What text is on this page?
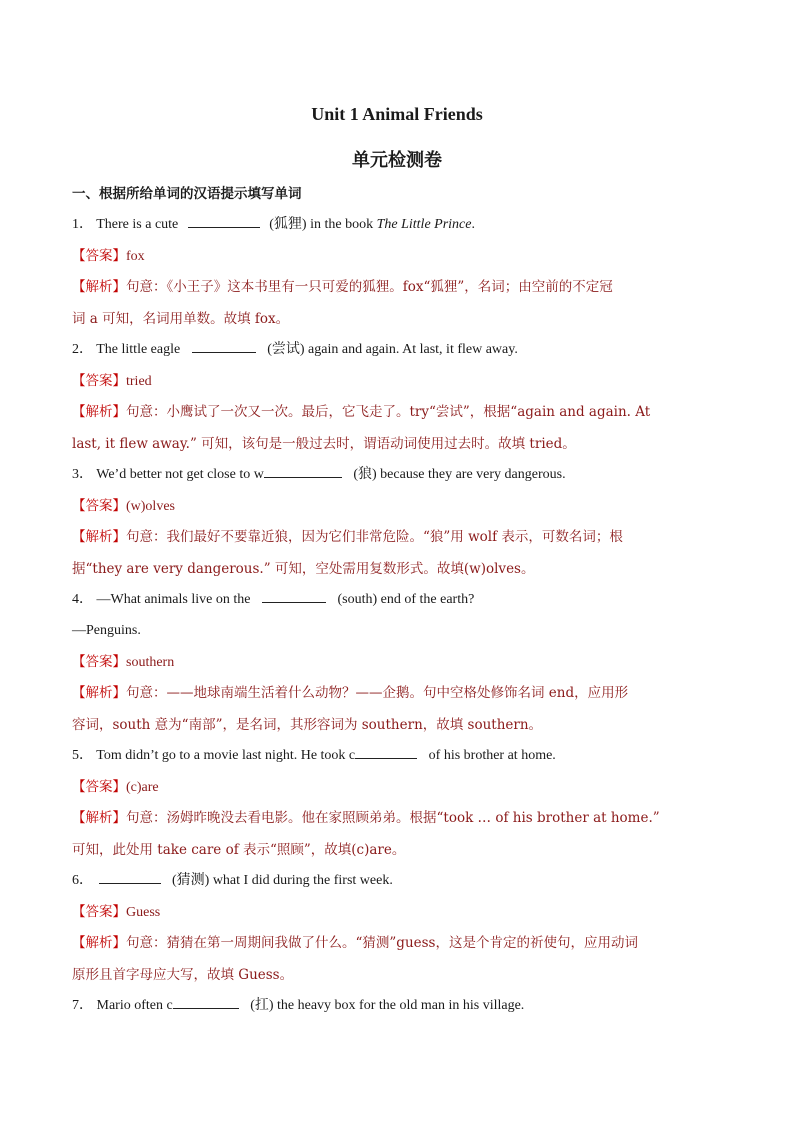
Unit 1 Animal Friends
单元检测卷
一、根据所给单词的汉语提示填写单词
1． There is a cute	(狐狸) in the book The Little Prince.
【答案】fox
【解析】句意：《小王子》这本书里有一只可爱的狐狸。fox“狐狸”，名词；由空前的不定冠
词 a 可知，名词用单数。故填 fox。
2． The little eagle	(尝试) again and again. At last, it flew away.
【答案】tried
【解析】句意：小鹰试了一次又一次。最后，它飞走了。try“尝试”，根据“again and again. At
last, it flew away.” 可知，该句是一般过去时，谓语动词使用过去时。故填 tried。
3． We’d better not get close to w	(狼) because they are very dangerous.
【答案】(w)olves
【解析】句意：我们最好不要靠近狼，因为它们非常危险。“狼”用 wolf 表示，可数名词；根
据“they are very dangerous.” 可知，空处需用复数形式。故填(w)olves。
4． —What animals live on the	(south) end of the earth?
—Penguins.
【答案】southern
【解析】句意：——地球南端生活着什么动物？——企鹅。句中空格处修饰名词 end，应用形
容词，south 意为“南部”，是名词，其形容词为 southern，故填 southern。
5． Tom didn’t go to a movie last night. He took c	of his brother at home.
【答案】(c)are
【解析】句意：汤姆昨晚没去看电影。他在家照顾弟弟。根据“took … of his brother at home.”
可知，此处用 take care of 表示“照顾”，故填(c)are。
6．	(猜测) what I did during the first week.
【答案】Guess
【解析】句意：猜猜在第一周期间我做了什么。“猜测”guess，这是个肯定的祈使句，应用动词
原形且首字母应大写，故填 Guess。
7． Mario often c	(扛) the heavy box for the old man in his village.
